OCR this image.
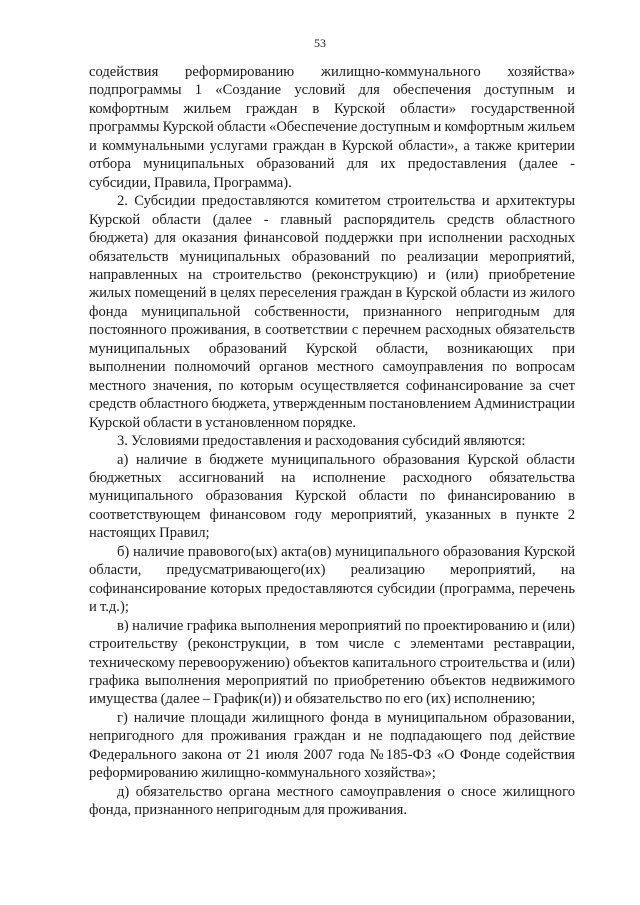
53

содействия реформированию жилищно-коммунального хозяйства» подпрограммы 1 «Создание условий для обеспечения доступным и комфортным жильем граждан в Курской области» государственной программы Курской области «Обеспечение доступным и комфортным жильем и коммунальными услугами граждан в Курской области», а также критерии отбора муниципальных образований для их предоставления (далее - субсидии, Правила, Программа).

2. Субсидии предоставляются комитетом строительства и архитектуры Курской области (далее - главный распорядитель средств областного бюджета) для оказания финансовой поддержки при исполнении расходных обязательств муниципальных образований по реализации мероприятий, направленных на строительство (реконструкцию) и (или) приобретение жилых помещений в целях переселения граждан в Курской области из жилого фонда муниципальной собственности, признанного непригодным для постоянного проживания, в соответствии с перечнем расходных обязательств муниципальных образований Курской области, возникающих при выполнении полномочий органов местного самоуправления по вопросам местного значения, по которым осуществляется софинансирование за счет средств областного бюджета, утвержденным постановлением Администрации Курской области в установленном порядке.

3. Условиями предоставления и расходования субсидий являются:

а) наличие в бюджете муниципального образования Курской области бюджетных ассигнований на исполнение расходного обязательства муниципального образования Курской области по финансированию в соответствующем финансовом году мероприятий, указанных в пункте 2 настоящих Правил;

б) наличие правового(ых) акта(ов) муниципального образования Курской области, предусматривающего(их) реализацию мероприятий, на софинансирование которых предоставляются субсидии (программа, перечень и т.д.);

в) наличие графика выполнения мероприятий по проектированию и (или) строительству (реконструкции, в том числе с элементами реставрации, техническому перевооружению) объектов капитального строительства и (или) графика выполнения мероприятий по приобретению объектов недвижимого имущества (далее – График(и)) и обязательство по его (их) исполнению;

г) наличие площади жилищного фонда в муниципальном образовании, непригодного для проживания граждан и не подпадающего под действие Федерального закона от 21 июля 2007 года №185-ФЗ «О Фонде содействия реформированию жилищно-коммунального хозяйства»;

д) обязательство органа местного самоуправления о сносе жилищного фонда, признанного непригодным для проживания.
